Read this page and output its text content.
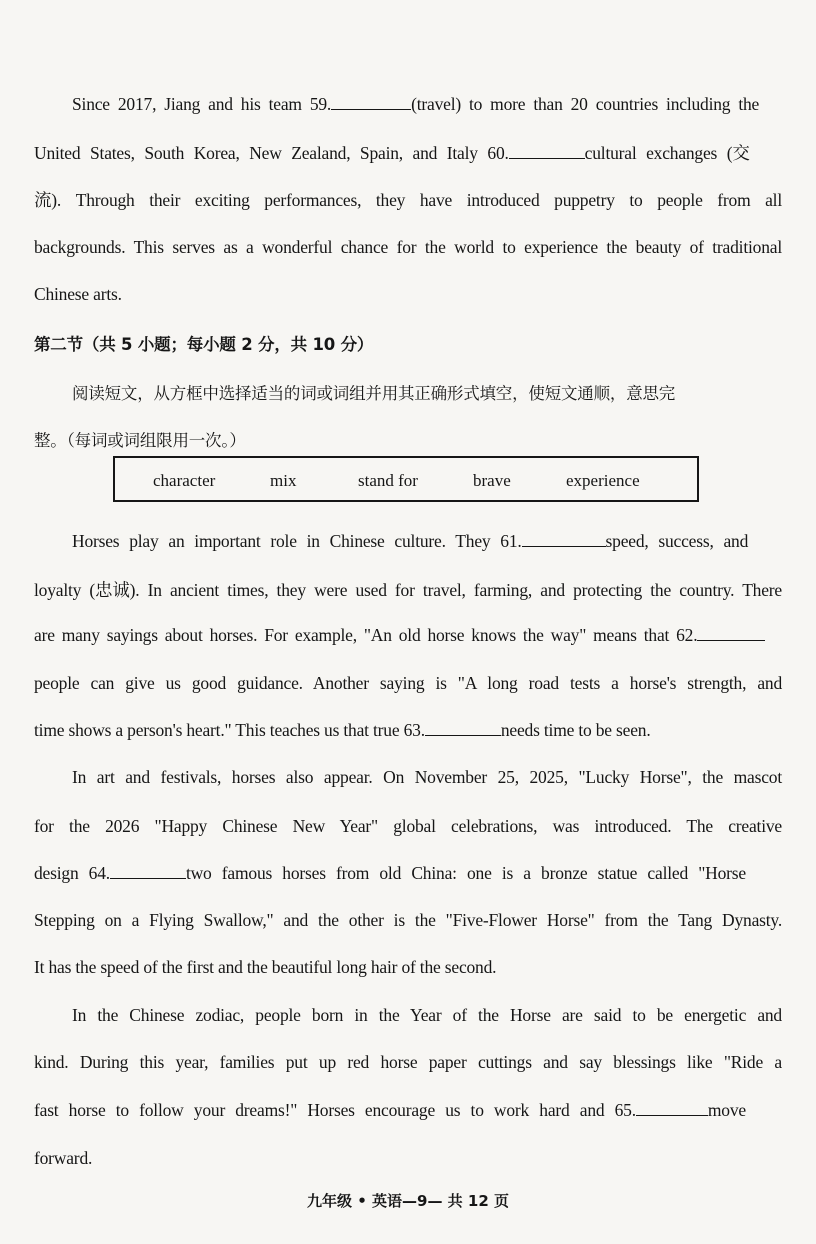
Since 2017, Jiang and his team 59.	(travel) to more than 20 countries including the
United States, South Korea, New Zealand, Spain, and Italy 60.	cultural exchanges (交
流). Through their exciting performances, they have introduced puppetry to people from all
backgrounds. This serves as a wonderful chance for the world to experience the beauty of traditional
Chinese arts.
第二节（共 5 小题；每小题 2 分，共 10 分）
阅读短文，从方框中选择适当的词或词组并用其正确形式填空，使短文通顺，意思完
整。（每词或词组限用一次。）
character	mix	stand for	brave	experience
Horses play an important role in Chinese culture. They 61.	speed, success, and
loyalty (忠诚). In ancient times, they were used for travel, farming, and protecting the country. There
are many sayings about horses. For example, "An old horse knows the way" means that 62.
people can give us good guidance. Another saying is "A long road tests a horse's strength, and
time shows a person's heart." This teaches us that true 63.	needs time to be seen.
In art and festivals, horses also appear. On November 25, 2025, "Lucky Horse", the mascot
for the 2026 "Happy Chinese New Year" global celebrations, was introduced. The creative
design 64.	two famous horses from old China: one is a bronze statue called "Horse
Stepping on a Flying Swallow," and the other is the "Five-Flower Horse" from the Tang Dynasty.
It has the speed of the first and the beautiful long hair of the second.
In the Chinese zodiac, people born in the Year of the Horse are said to be energetic and
kind. During this year, families put up red horse paper cuttings and say blessings like "Ride a
fast horse to follow your dreams!" Horses encourage us to work hard and 65.	move
forward.
九年级 • 英语—9— 共 12 页
